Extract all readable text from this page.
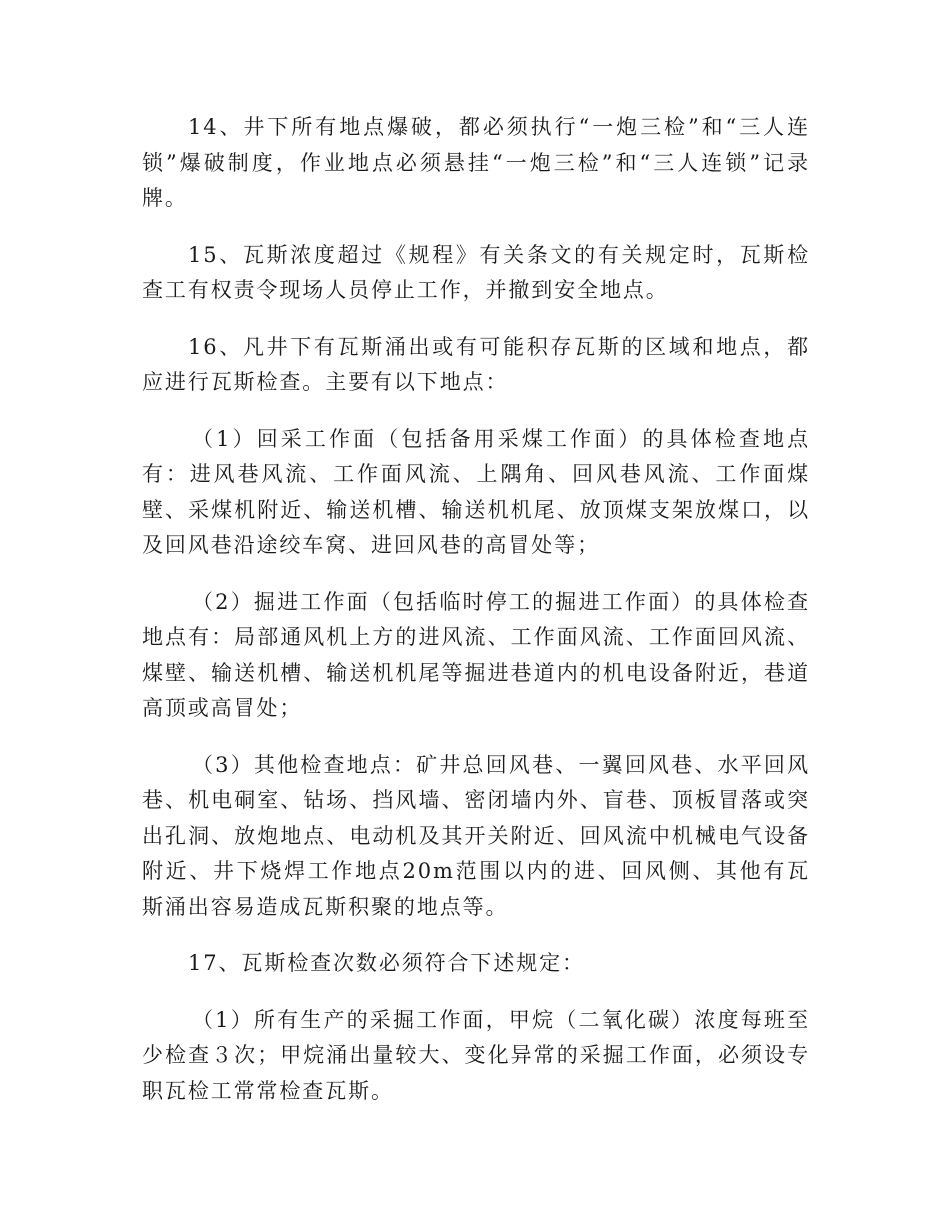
14、井下所有地点爆破，都必须执行“一炮三检”和“三人连锁”爆破制度，作业地点必须悬挂“一炮三检”和“三人连锁”记录牌。

15、瓦斯浓度超过《规程》有关条文的有关规定时，瓦斯检查工有权责令现场人员停止工作，并撤到安全地点。

16、凡井下有瓦斯涌出或有可能积存瓦斯的区域和地点，都应进行瓦斯检查。主要有以下地点：

（1）回采工作面（包括备用采煤工作面）的具体检查地点有：进风巷风流、工作面风流、上隅角、回风巷风流、工作面煤壁、采煤机附近、输送机槽、输送机机尾、放顶煤支架放煤口，以及回风巷沿途绞车窝、进回风巷的高冒处等；

（2）掘进工作面（包括临时停工的掘进工作面）的具体检查地点有：局部通风机上方的进风流、工作面风流、工作面回风流、煤壁、输送机槽、输送机机尾等掘进巷道内的机电设备附近，巷道高顶或高冒处；

（3）其他检查地点：矿井总回风巷、一翼回风巷、水平回风巷、机电硐室、钻场、挡风墙、密闭墙内外、盲巷、顶板冒落或突出孔洞、放炮地点、电动机及其开关附近、回风流中机械电气设备附近、井下烧焊工作地点20m范围以内的进、回风侧、其他有瓦斯涌出容易造成瓦斯积聚的地点等。

17、瓦斯检查次数必须符合下述规定：

（1）所有生产的采掘工作面，甲烷（二氧化碳）浓度每班至少检查３次；甲烷涌出量较大、变化异常的采掘工作面，必须设专职瓦检工常常检查瓦斯。
